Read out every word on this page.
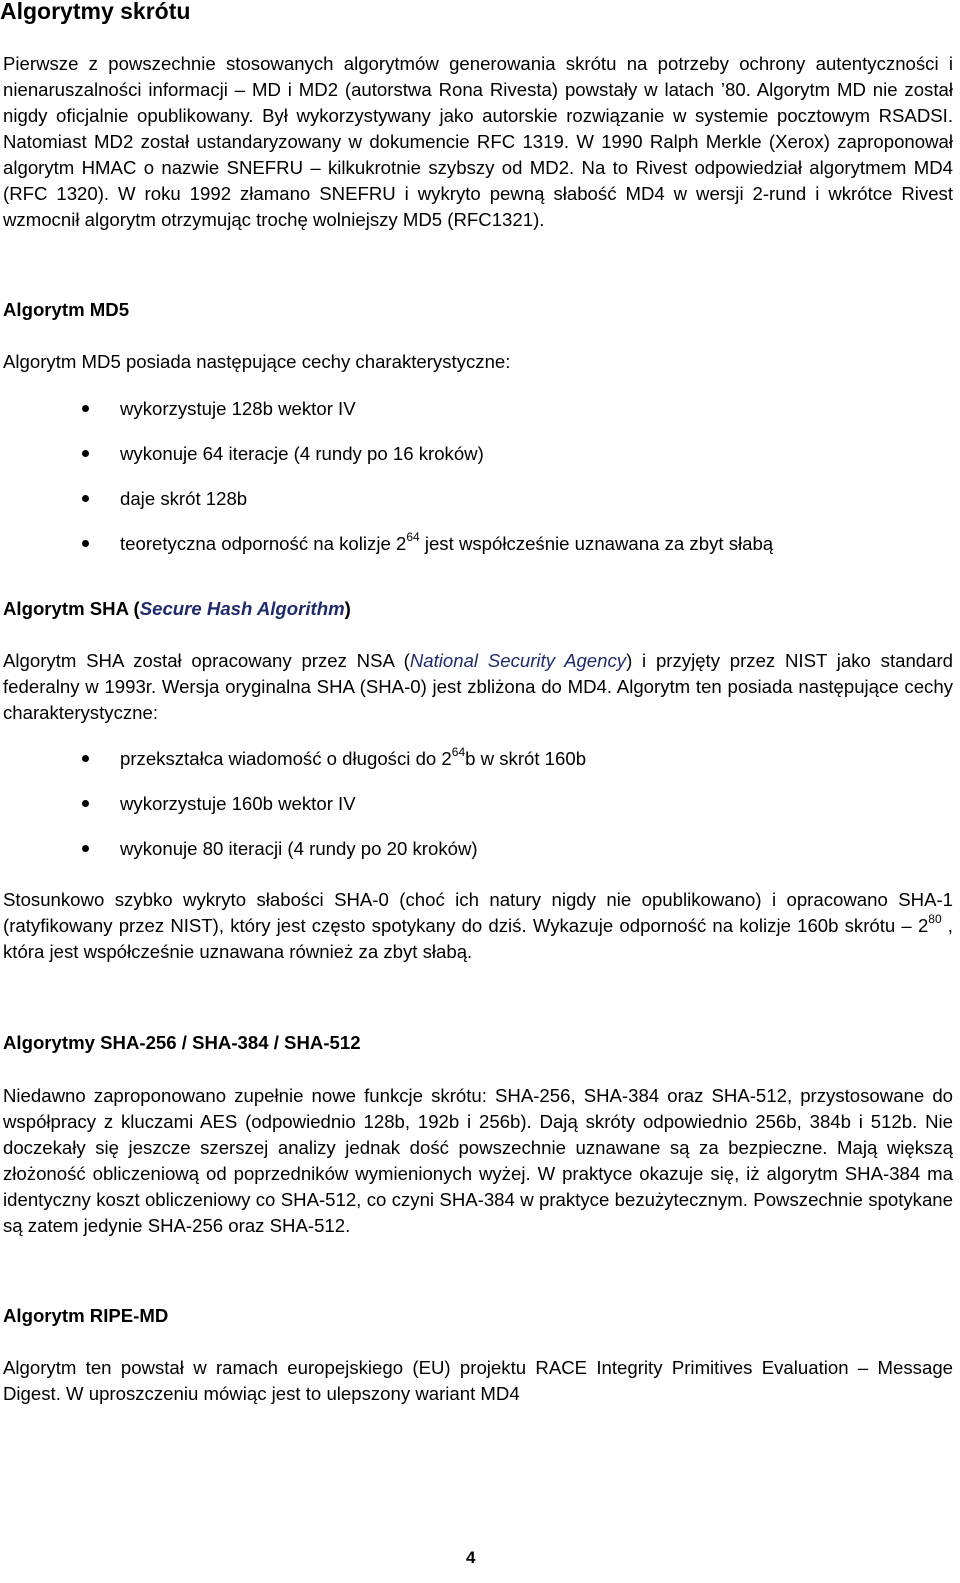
Algorytmy skrótu

Pierwsze z powszechnie stosowanych algorytmów generowania skrótu na potrzeby ochrony autentyczności i nienaruszalności informacji – MD i MD2 (autorstwa Rona Rivesta) powstały w latach ’80. Algorytm MD nie został nigdy oficjalnie opublikowany. Był wykorzystywany jako autorskie rozwiązanie w systemie pocztowym RSADSI. Natomiast MD2 został ustandaryzowany w dokumencie RFC 1319. W 1990 Ralph Merkle (Xerox) zaproponował algorytm HMAC o nazwie SNEFRU – kilkukrotnie szybszy od MD2. Na to Rivest odpowiedział algorytmem MD4 (RFC 1320). W roku 1992 złamano SNEFRU i wykryto pewną słabość MD4 w wersji 2-rund i wkrótce Rivest wzmocnił algorytm otrzymując trochę wolniejszy MD5 (RFC1321).

Algorytm MD5

Algorytm MD5 posiada następujące cechy charakterystyczne:

wykorzystuje 128b wektor IV
wykonuje 64 iteracje (4 rundy po 16 kroków)
daje skrót 128b
teoretyczna odporność na kolizje $2^{64}$ jest współcześnie uznawana za zbyt słabą
Algorytm SHA (Secure Hash Algorithm)

Algorytm SHA został opracowany przez NSA (National Security Agency) i przyjęty przez NIST jako standard federalny w 1993r. Wersja oryginalna SHA (SHA-0) jest zbliżona do MD4. Algorytm ten posiada następujące cechy charakterystyczne:

przekształca wiadomość o długości do $2^{64}b$ w skrót 160b
wykorzystuje 160b wektor IV
wykonuje 80 iteracji (4 rundy po 20 kroków)

Stosunkowo szybko wykryto słabości SHA-0 (choć ich natury nigdy nie opublikowano) i opracowano SHA-1 (ratyfikowany przez NIST), który jest często spotykany do dziś. Wykazuje odporność na kolizje 160b skrótu – $2^{80}$ , która jest współcześnie uznawana również za zbyt słabą.

Algorytmy SHA-256 / SHA-384 / SHA-512

Niedawno zaproponowano zupełnie nowe funkcje skrótu: SHA-256, SHA-384 oraz SHA-512, przystosowane do współpracy z kluczami AES (odpowiednio 128b, 192b i 256b). Dają skróty odpowiednio 256b, 384b i 512b. Nie doczekały się jeszcze szerszej analizy jednak dość powszechnie uznawane są za bezpieczne. Mają większą złożoność obliczeniową od poprzedników wymienionych wyżej. W praktyce okazuje się, iż algorytm SHA-384 ma identyczny koszt obliczeniowy co SHA-512, co czyni SHA-384 w praktyce bezużytecznym. Powszechnie spotykane są zatem jedynie SHA-256 oraz SHA-512.

Algorytm RIPE-MD

Algorytm ten powstał w ramach europejskiego (EU) projektu RACE Integrity Primitives Evaluation – Message Digest. W uproszczeniu mówiąc jest to ulepszony wariant MD4

4
